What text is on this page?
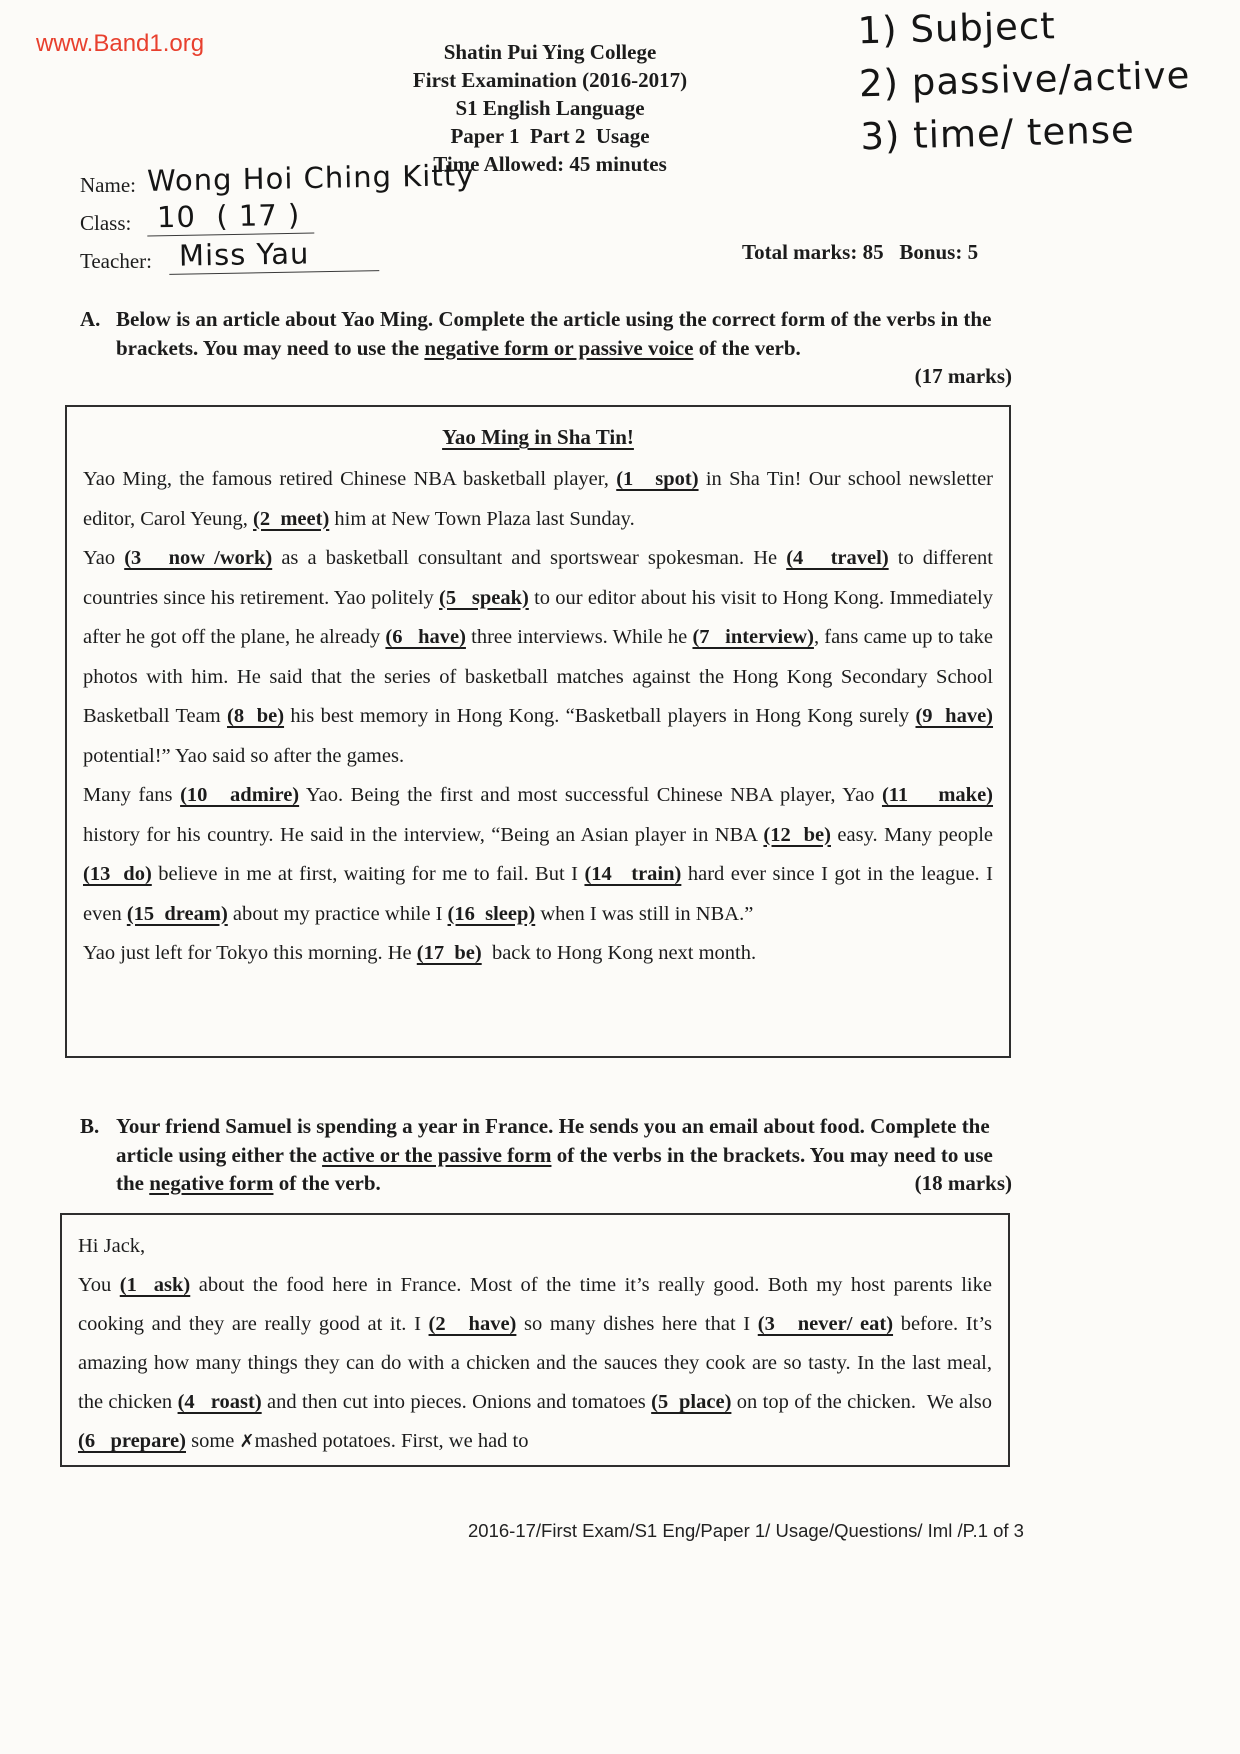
www.Band1.org	Shatin Pui Ying College
First Examination (2016-2017)
S1 English Language
Paper 1  Part 2  Usage
Time Allowed: 45 minutes
1) Subject
2) passive/active
3) time/ tense
Name: Wong Hoi Ching Kitty
Class: 10  ( 17 )
Teacher: Miss Yau	Total marks: 85   Bonus: 5
A. Below is an article about Yao Ming. Complete the article using the correct form of the verbs in the brackets. You may need to use the negative form or passive voice of the verb.
(17 marks)
Yao Ming in Sha Tin!

Yao Ming, the famous retired Chinese NBA basketball player, (1   spot) in Sha Tin! Our school newsletter editor, Carol Yeung, (2  meet) him at New Town Plaza last Sunday.

Yao (3   now /work) as a basketball consultant and sportswear spokesman. He (4   travel) to different countries since his retirement. Yao politely (5   speak) to our editor about his visit to Hong Kong. Immediately after he got off the plane, he already (6   have) three interviews. While he (7   interview), fans came up to take photos with him. He said that the series of basketball matches against the Hong Kong Secondary School Basketball Team (8  be) his best memory in Hong Kong. “Basketball players in Hong Kong surely (9  have) potential!” Yao said so after the games.

Many fans (10   admire) Yao. Being the first and most successful Chinese NBA player, Yao (11    make) history for his country. He said in the interview, “Being an Asian player in NBA (12  be) easy. Many people (13  do) believe in me at first, waiting for me to fail. But I (14   train) hard ever since I got in the league. I even (15  dream) about my practice while I (16  sleep) when I was still in NBA.”

Yao just left for Tokyo this morning. He (17  be)  back to Hong Kong next month.

B. Your friend Samuel is spending a year in France. He sends you an email about food. Complete the article using either the active or the passive form of the verbs in the brackets. You may need to use the negative form of the verb.	(18 marks)

Hi Jack,

You (1  ask) about the food here in France. Most of the time it’s really good. Both my host parents like cooking and they are really good at it. I (2   have) so many dishes here that I (3   never/ eat) before. It’s amazing how many things they can do with a chicken and the sauces they cook are so tasty. In the last meal, the chicken (4   roast) and then cut into pieces. Onions and tomatoes (5  place) on top of the chicken.  We also (6   prepare) some ✗mashed potatoes. First, we had to

2016-17/First Exam/S1 Eng/Paper 1/ Usage/Questions/ Iml /P.1 of 3
